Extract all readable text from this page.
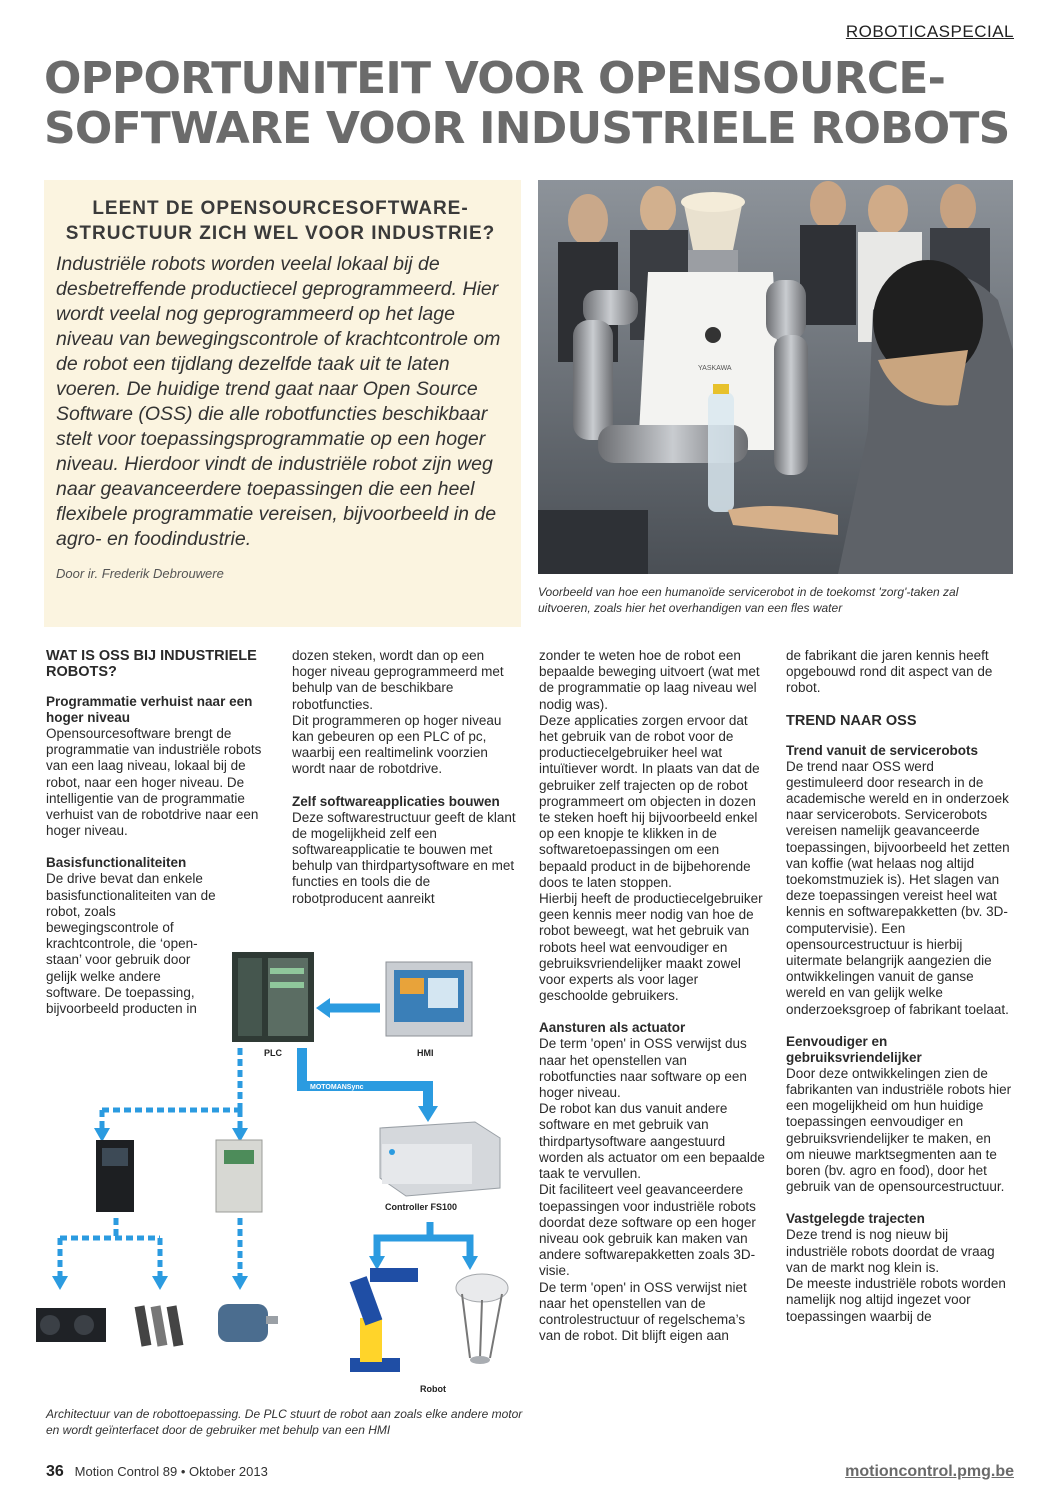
ROBOTICASPECIAL
OPPORTUNITEIT VOOR OPENSOURCE-
SOFTWARE VOOR INDUSTRIELE ROBOTS
LEENT DE OPENSOURCESOFTWARE-STRUCTUUR ZICH WEL VOOR INDUSTRIE?

Industriële robots worden veelal lokaal bij de desbetreffende productiecel geprogrammeerd. Hier wordt veelal nog geprogrammeerd op het lage niveau van bewegingscontrole of krachtcontrole om de robot een tijdlang dezelfde taak uit te laten voeren. De huidige trend gaat naar Open Source Software (OSS) die alle robotfuncties beschikbaar stelt voor toepassingsprogrammatie op een hoger niveau. Hierdoor vindt de industriële robot zijn weg naar geavanceerdere toepassingen die een heel flexibele programmatie vereisen, bijvoorbeeld in de agro- en foodindustrie.

Door ir. Frederik Debrouwere
YASKAWA
Voorbeeld van hoe een humanoïde servicerobot in de toekomst 'zorg'-taken zal uitvoeren, zoals hier het overhandigen van een fles water
WAT IS OSS BIJ INDUSTRIELE ROBOTS?
Programmatie verhuist naar een hoger niveau

Opensourcesoftware brengt de programmatie van industriële robots van een laag niveau, lokaal bij de robot, naar een hoger niveau. De intelligentie van de programmatie verhuist van de robotdrive naar een hoger niveau.

Basisfunctionaliteiten

De drive bevat dan enkele basisfunctionaliteiten van de robot, zoals bewegingscontrole of krachtcontrole, die ‘open-staan’ voor gebruik door gelijk welke andere software. De toepassing, bijvoorbeeld producten in

dozen steken, wordt dan op een hoger niveau geprogrammeerd met behulp van de beschikbare robotfuncties.

Dit programmeren op hoger niveau kan gebeuren op een PLC of pc, waarbij een realtimelink voorzien wordt naar de robotdrive.

Zelf softwareapplicaties bouwen

Deze softwarestructuur geeft de klant de mogelijkheid zelf een softwareapplicatie te bouwen met behulp van thirdpartysoftware en met functies en tools die de robotproducent aanreikt

zonder te weten hoe de robot een bepaalde beweging uitvoert (wat met de programmatie op laag niveau wel nodig was).

Deze applicaties zorgen ervoor dat het gebruik van de robot voor de productiecelgebruiker heel wat intuïtiever wordt. In plaats van dat de gebruiker zelf trajecten op de robot programmeert om objecten in dozen te steken hoeft hij bijvoorbeeld enkel op een knopje te klikken in de softwaretoepassingen om een bepaald product in de bijbehorende doos te laten stoppen.

Hierbij heeft de productiecelgebruiker geen kennis meer nodig van hoe de robot beweegt, wat het gebruik van robots heel wat eenvoudiger en gebruiksvriendelijker maakt zowel voor experts als voor lager geschoolde gebruikers.

Aansturen als actuator

De term 'open' in OSS verwijst dus naar het openstellen van robotfuncties naar software op een hoger niveau.

De robot kan dus vanuit andere software en met gebruik van thirdpartysoftware aangestuurd worden als actuator om een bepaalde taak te vervullen.

Dit faciliteert veel geavanceerdere toepassingen voor industriële robots doordat deze software op een hoger niveau ook gebruik kan maken van andere softwarepakketten zoals 3D-visie.

De term 'open' in OSS verwijst niet naar het openstellen van de controlestructuur of regelschema’s van de robot. Dit blijft eigen aan

de fabrikant die jaren kennis heeft opgebouwd rond dit aspect van de robot.

TREND NAAR OSS
Trend vanuit de servicerobots

De trend naar OSS werd gestimuleerd door research in de academische wereld en in onderzoek naar servicerobots. Servicerobots vereisen namelijk geavanceerde toepassingen, bijvoorbeeld het zetten van koffie (wat helaas nog altijd toekomstmuziek is). Het slagen van deze toepassingen vereist heel wat kennis en softwarepakketten (bv. 3D-computervisie). Een opensourcestructuur is hierbij uitermate belangrijk aangezien die ontwikkelingen vanuit de ganse wereld en van gelijk welke onderzoeksgroep of fabrikant toelaat.

Eenvoudiger en gebruiksvriendelijker

Door deze ontwikkelingen zien de fabrikanten van industriële robots hier een mogelijkheid om hun huidige toepassingen eenvoudiger en gebruiksvriendelijker te maken, en om nieuwe marktsegmenten aan te boren (bv. agro en food), door het gebruik van de opensourcestructuur.

Vastgelegde trajecten

Deze trend is nog nieuw bij industriële robots doordat de vraag van de markt nog klein is.

De meeste industriële robots worden namelijk nog altijd ingezet voor toepassingen waarbij de

PLC	HMI
MOTOMANSync
Controller FS100
Robot
Architectuur van de robottoepassing. De PLC stuurt de robot aan zoals elke andere motor en wordt geïnterfacet door de gebruiker met behulp van een HMI
36 Motion Control 89 • Oktober 2013	motioncontrol.pmg.be
